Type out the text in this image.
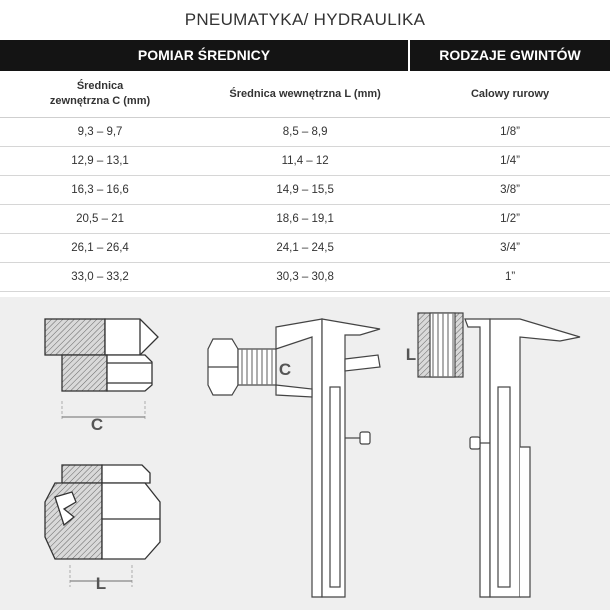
PNEUMATYKA/ HYDRAULIKA
POMIAR ŚREDNICY	RODZAJE GWINTÓW
Średnica
zewnętrzna C (mm)	Średnica wewnętrzna L (mm)	Calowy rurowy
9,3 – 9,7	8,5 – 8,9	1/8”
12,9 – 13,1	11,4 – 12	1/4”
16,3 – 16,6	14,9 – 15,5	3/8”
20,5 – 21	18,6 – 19,1	1/2”
26,1 – 26,4	24,1 – 24,5	3/4”
33,0 – 33,2	30,3 – 30,8	1”

C
L
C
L
